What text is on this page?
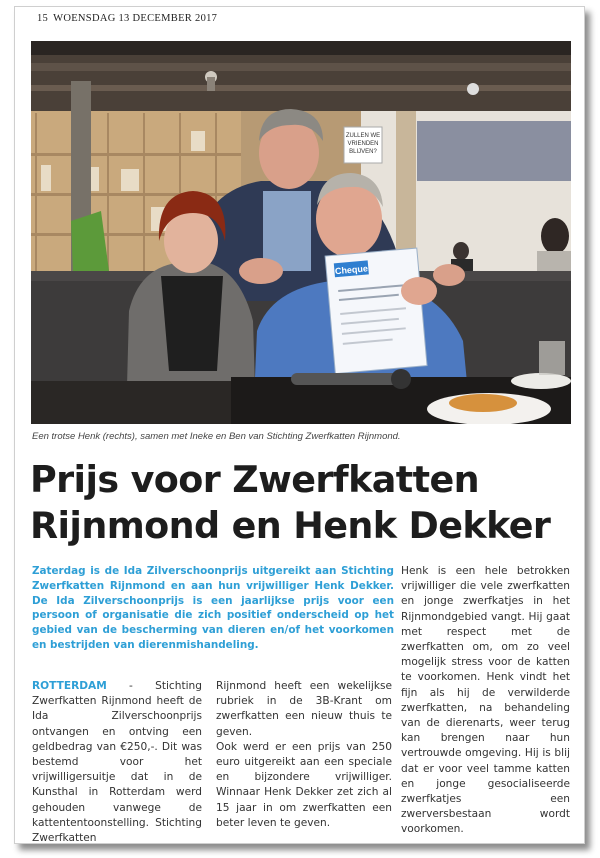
15 WOENSDAG 13 DECEMBER 2017
ZULLEN WE
VRIENDEN
BLIJVEN?
Cheque
Een trotse Henk (rechts), samen met Ineke en Ben van Stichting Zwerfkatten Rijnmond.
Prijs voor Zwerfkatten
Rijnmond en Henk Dekker

Zaterdag is de Ida Zilverschoonprijs uitgereikt aan Stichting Zwerfkatten Rijnmond en aan hun vrijwilliger Henk Dekker. De Ida Zilverschoonprijs is een jaarlijkse prijs voor een persoon of organisatie die zich positief onderscheid op het gebied van de bescherming van dieren en/of het voorkomen en bestrijden van dierenmishandeling.

ROTTERDAM - Stichting Zwerfkatten Rijnmond heeft de Ida Zilverschoonprijs ontvangen en ontving een geldbedrag van €250,-. Dit was bestemd voor het vrijwilligersuitje dat in de Kunsthal in Rotterdam werd gehouden vanwege de kattententoonstelling. Stichting Zwerfkatten

Rijnmond heeft een wekelijkse rubriek in de 3B-Krant om zwerfkatten een nieuw thuis te geven.

Ook werd er een prijs van 250 euro uitgereikt aan een speciale en bijzondere vrijwilliger. Winnaar Henk Dekker zet zich al 15 jaar in om zwerfkatten een beter leven te geven.

Henk is een hele betrokken vrijwilliger die vele zwerfkatten en jonge zwerfkatjes in het Rijnmondgebied vangt. Hij gaat met respect met de zwerfkatten om, om zo veel mogelijk stress voor de katten te voorkomen. Henk vindt het fijn als hij de verwilderde zwerfkatten, na behandeling van de dierenarts, weer terug kan brengen naar hun vertrouwde omgeving. Hij is blij dat er voor veel tamme katten en jonge gesocialiseerde zwerfkatjes een zwerversbestaan wordt voorkomen.
